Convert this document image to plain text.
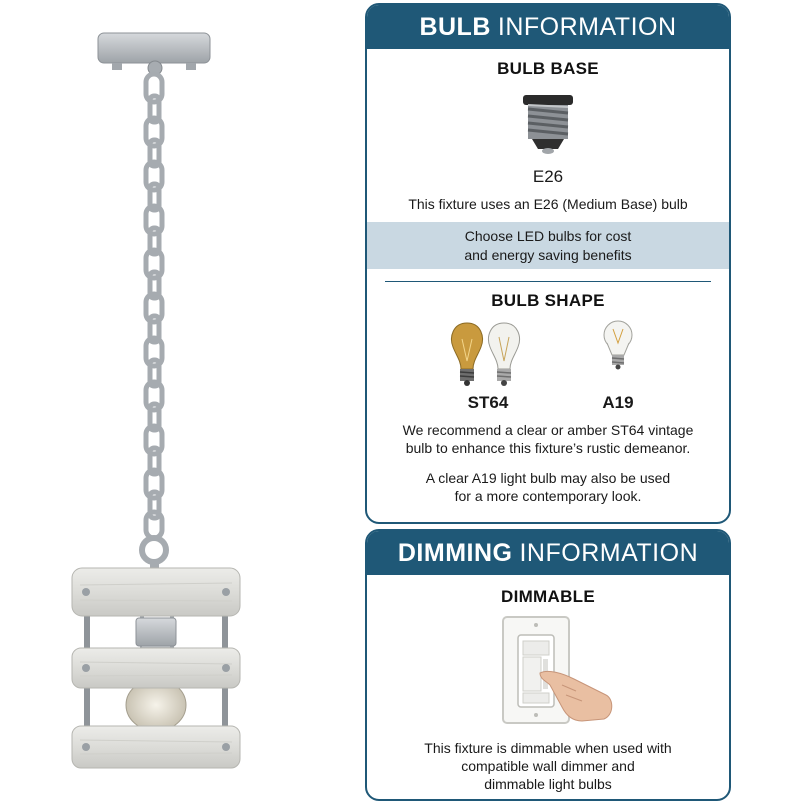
BULB INFORMATION
BULB BASE
E26
This fixture uses an E26 (Medium Base) bulb
Choose LED bulbs for cost
and energy saving benefits
BULB SHAPE
ST64	A19
We recommend a clear or amber ST64 vintage
bulb to enhance this fixture’s rustic demeanor.
A clear A19 light bulb may also be used
for a more contemporary look.
DIMMING INFORMATION
DIMMABLE
This fixture is dimmable when used with
compatible wall dimmer and
dimmable light bulbs
